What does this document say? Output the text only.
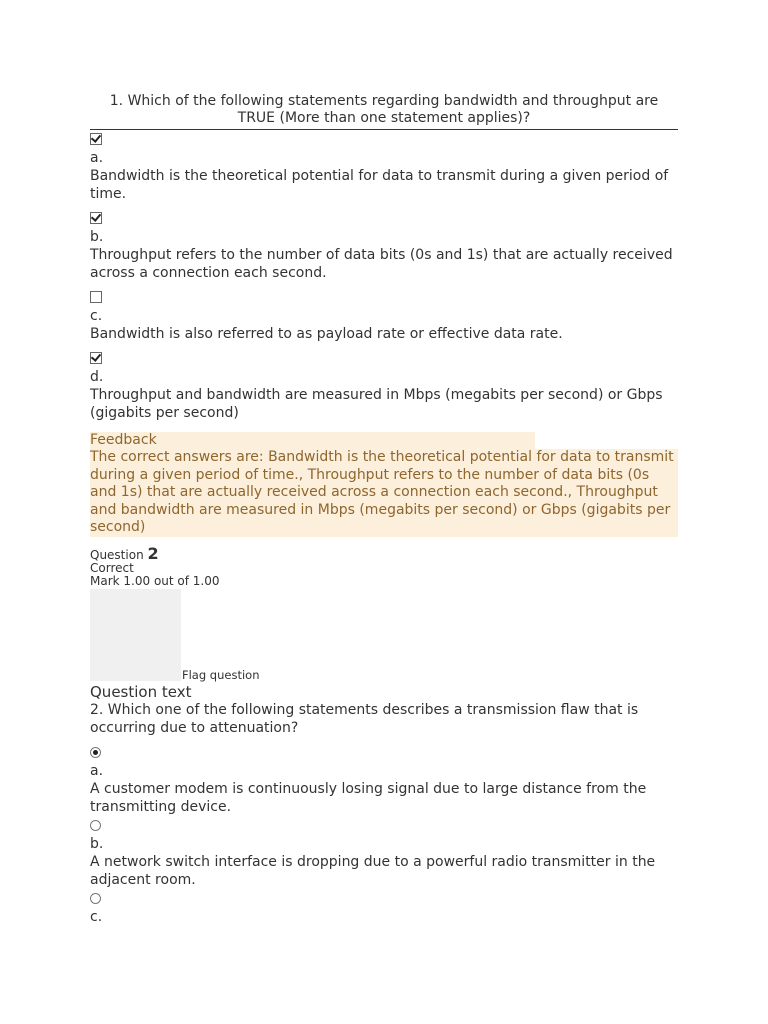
1. Which of the following statements regarding bandwidth and throughput are TRUE (More than one statement applies)?
a.
Bandwidth is the theoretical potential for data to transmit during a given period of time.
b.
Throughput refers to the number of data bits (0s and 1s) that are actually received across a connection each second.
c.
Bandwidth is also referred to as payload rate or effective data rate.
d.
Throughput and bandwidth are measured in Mbps (megabits per second) or Gbps (gigabits per second)
Feedback
The correct answers are: Bandwidth is the theoretical potential for data to transmit during a given period of time., Throughput refers to the number of data bits (0s and 1s) that are actually received across a connection each second., Throughput and bandwidth are measured in Mbps (megabits per second) or Gbps (gigabits per second)
Question 2
Correct
Mark 1.00 out of 1.00
Flag question
Question text
2. Which one of the following statements describes a transmission flaw that is occurring due to attenuation?
a.
A customer modem is continuously losing signal due to large distance from the transmitting device.
b.
A network switch interface is dropping due to a powerful radio transmitter in the adjacent room.
c.
